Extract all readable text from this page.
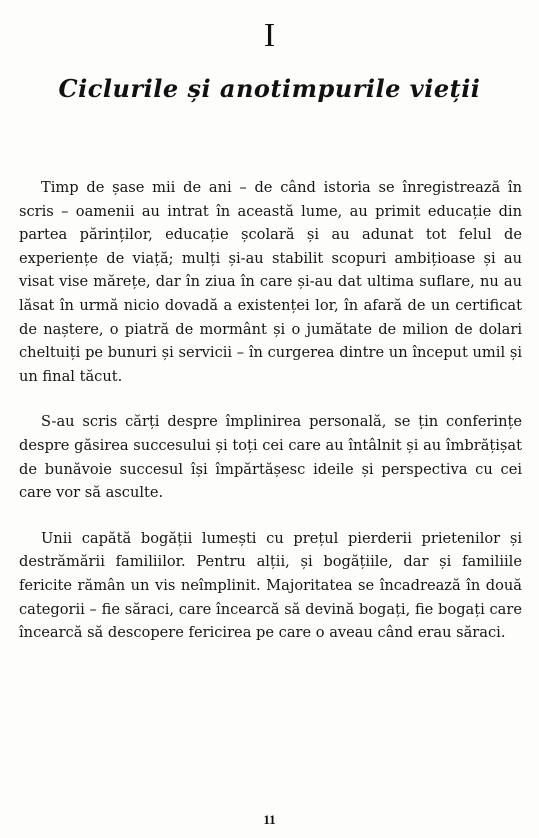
I
Ciclurile și anotimpurile vieții

Timp de șase mii de ani – de când istoria se înregistrează în scris – oamenii au intrat în această lume, au primit educație din partea părinților, educație școlară și au adunat tot felul de experiențe de viață; mulți și-au stabilit scopuri ambițioase și au visat vise mărețe, dar în ziua în care și-au dat ultima suflare, nu au lăsat în urmă nicio dovadă a existenței lor, în afară de un certificat de naștere, o piatră de mormânt și o jumătate de milion de dolari cheltuiți pe bunuri și servicii – în curgerea dintre un început umil și un final tăcut.

S-au scris cărți despre împlinirea personală, se țin conferințe despre găsirea succesului și toți cei care au întâlnit și au îmbrățișat de bunăvoie succesul își împărtășesc ideile și perspectiva cu cei care vor să asculte.

Unii capătă bogății lumești cu prețul pierderii prietenilor și destrămării familiilor. Pentru alții, și bogățiile, dar și familiile fericite rămân un vis neîmplinit. Majoritatea se încadrează în două categorii – fie săraci, care încearcă să devină bogați, fie bogați care încearcă să descopere fericirea pe care o aveau când erau săraci.

11
